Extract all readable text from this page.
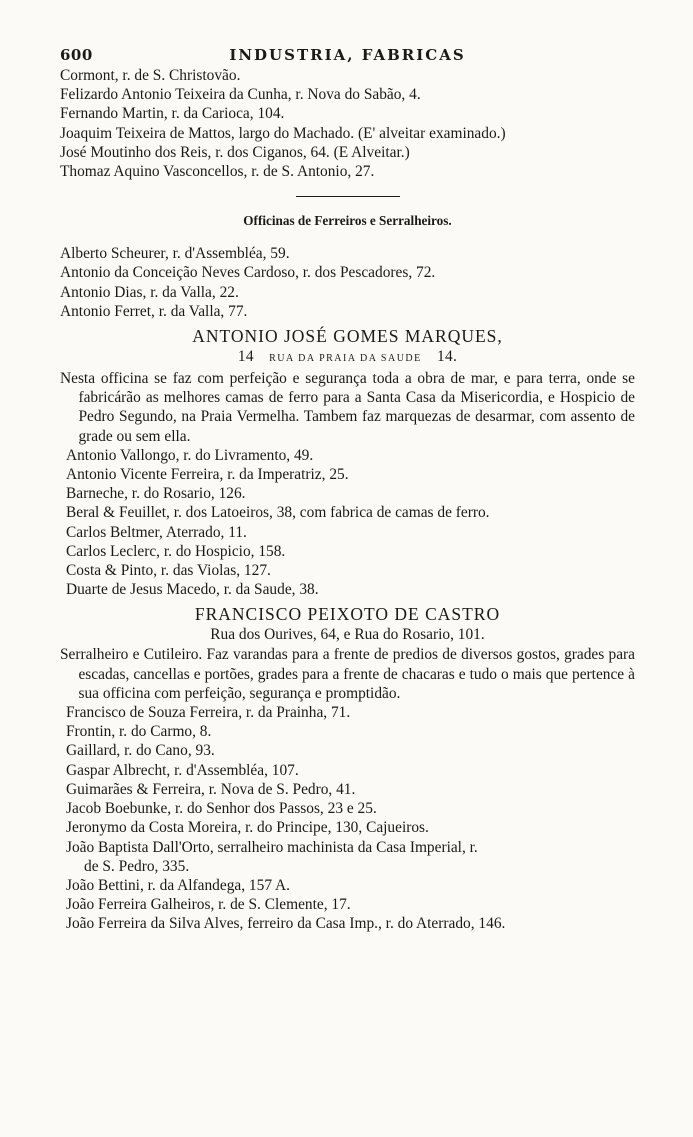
600	INDUSTRIA, FABRICAS
Cormont, r. de S. Christovão.
Felizardo Antonio Teixeira da Cunha, r. Nova do Sabão, 4.
Fernando Martin, r. da Carioca, 104.
Joaquim Teixeira de Mattos, largo do Machado. (E' alveitar examinado.)
José Moutinho dos Reis, r. dos Ciganos, 64. (E Alveitar.)
Thomaz Aquino Vasconcellos, r. de S. Antonio, 27.
Officinas de Ferreiros e Serralheiros.
Alberto Scheurer, r. d'Assembléa, 59.
Antonio da Conceição Neves Cardoso, r. dos Pescadores, 72.
Antonio Dias, r. da Valla, 22.
Antonio Ferret, r. da Valla, 77.
ANTONIO JOSÉ GOMES MARQUES,
14 RUA DA PRAIA DA SAUDE 14.
Nesta officina se faz com perfeição e segurança toda a obra de mar, e para terra, onde se fabricárão as melhores camas de ferro para a Santa Casa da Misericordia, e Hospicio de Pedro Segundo, na Praia Vermelha. Tambem faz marquezas de desarmar, com assento de grade ou sem ella.
Antonio Vallongo, r. do Livramento, 49.
Antonio Vicente Ferreira, r. da Imperatriz, 25.
Barneche, r. do Rosario, 126.
Beral & Feuillet, r. dos Latoeiros, 38, com fabrica de camas de ferro.
Carlos Beltmer, Aterrado, 11.
Carlos Leclerc, r. do Hospicio, 158.
Costa & Pinto, r. das Violas, 127.
Duarte de Jesus Macedo, r. da Saude, 38.
FRANCISCO PEIXOTO DE CASTRO
Rua dos Ourives, 64, e Rua do Rosario, 101.
Serralheiro e Cutileiro. Faz varandas para a frente de predios de diversos gostos, grades para escadas, cancellas e portões, grades para a frente de chacaras e tudo o mais que pertence à sua officina com perfeição, segurança e promptidão.
Francisco de Souza Ferreira, r. da Prainha, 71.
Frontin, r. do Carmo, 8.
Gaillard, r. do Cano, 93.
Gaspar Albrecht, r. d'Assembléa, 107.
Guimarães & Ferreira, r. Nova de S. Pedro, 41.
Jacob Boebunke, r. do Senhor dos Passos, 23 e 25.
Jeronymo da Costa Moreira, r. do Principe, 130, Cajueiros.
João Baptista Dall'Orto, serralheiro machinista da Casa Imperial, r.
de S. Pedro, 335.
João Bettini, r. da Alfandega, 157 A.
João Ferreira Galheiros, r. de S. Clemente, 17.
João Ferreira da Silva Alves, ferreiro da Casa Imp., r. do Aterrado, 146.
